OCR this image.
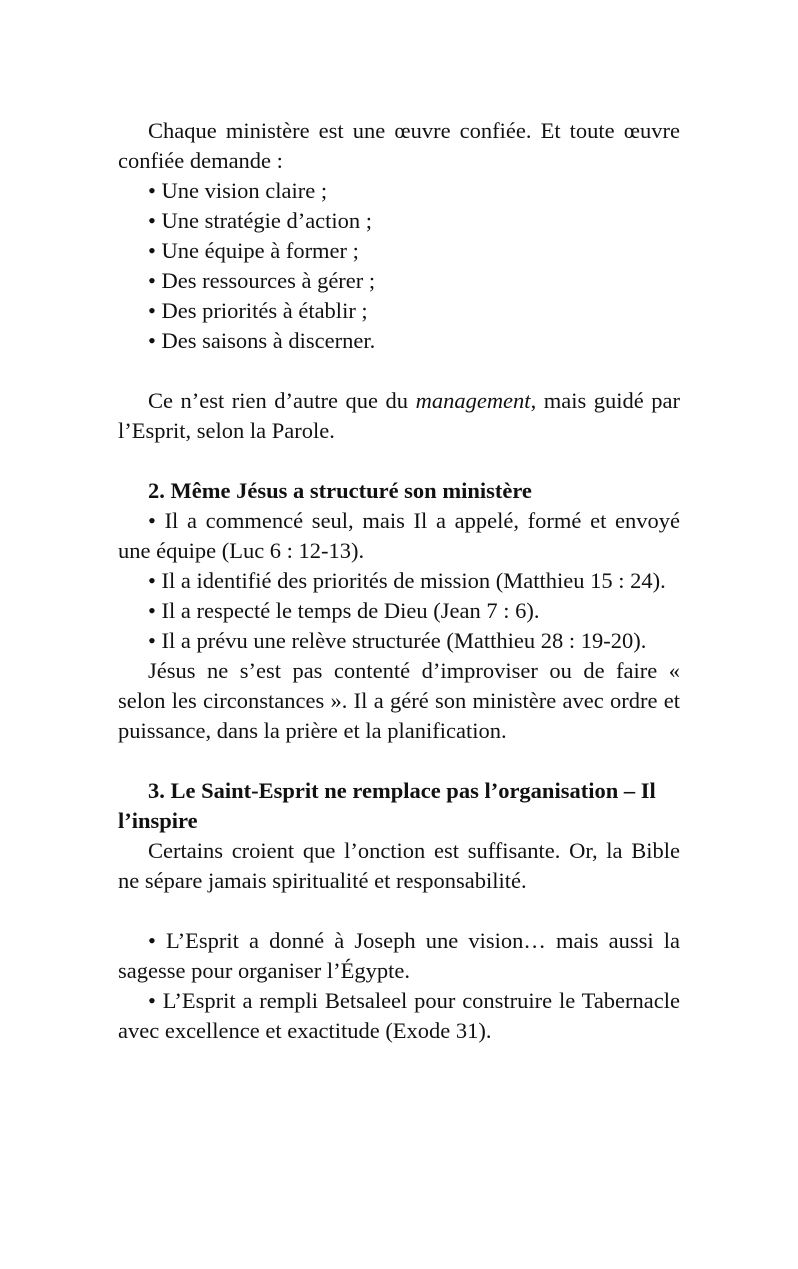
Chaque ministère est une œuvre confiée. Et toute œuvre confiée demande :

• Une vision claire ;

• Une stratégie d’action ;

• Une équipe à former ;

• Des ressources à gérer ;

• Des priorités à établir ;

• Des saisons à discerner.

Ce n’est rien d’autre que du management, mais guidé par l’Esprit, selon la Parole.

2. Même Jésus a structuré son ministère

• Il a commencé seul, mais Il a appelé, formé et envoyé une équipe (Luc 6 : 12-13).

• Il a identifié des priorités de mission (Matthieu 15 : 24).

• Il a respecté le temps de Dieu (Jean 7 : 6).

• Il a prévu une relève structurée (Matthieu 28 : 19-20).

Jésus ne s’est pas contenté d’improviser ou de faire « selon les circonstances ». Il a géré son ministère avec ordre et puissance, dans la prière et la planification.

3. Le Saint-Esprit ne remplace pas l’organisation – Il l’inspire

Certains croient que l’onction est suffisante. Or, la Bible ne sépare jamais spiritualité et responsabilité.

• L’Esprit a donné à Joseph une vision… mais aussi la sagesse pour organiser l’Égypte.

• L’Esprit a rempli Betsaleel pour construire le Tabernacle avec excellence et exactitude (Exode 31).
